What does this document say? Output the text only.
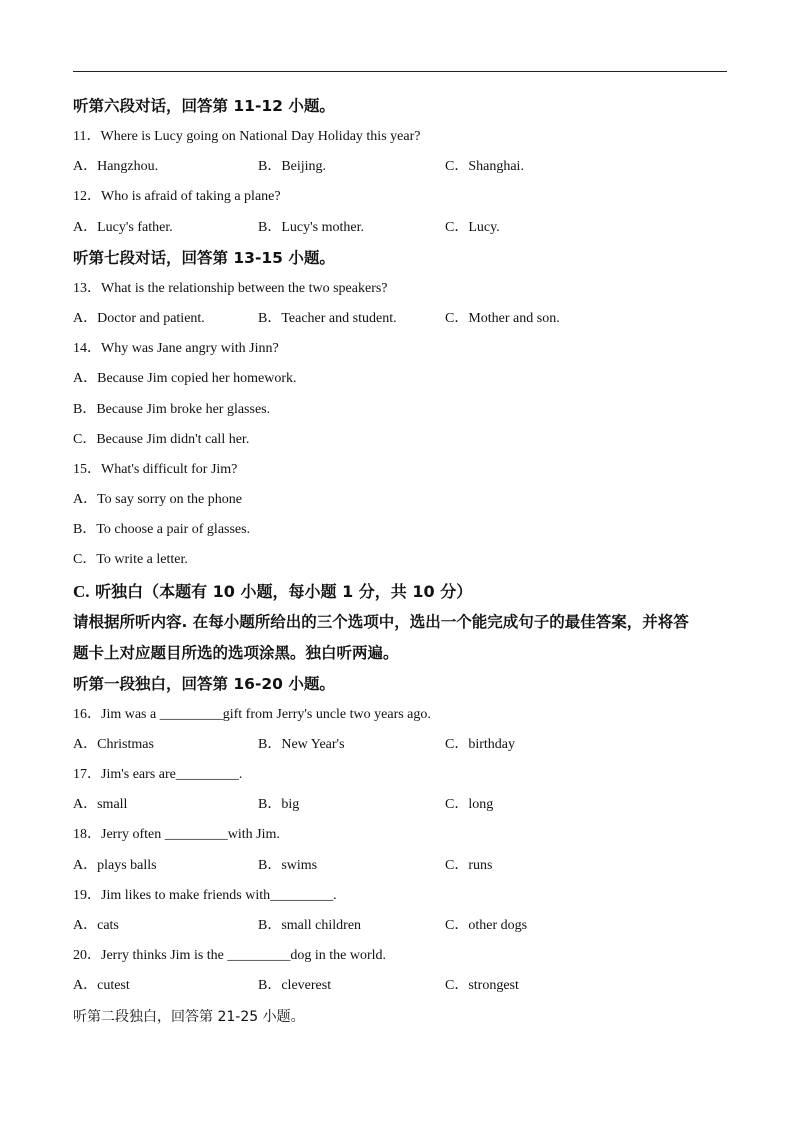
听第六段对话，回答第 11-12 小题。
11．Where is Lucy going on National Day Holiday this year?
A．Hangzhou.	B．Beijing.	C．Shanghai.
12．Who is afraid of taking a plane?
A．Lucy's father.	B．Lucy's mother.	C．Lucy.
听第七段对话，回答第 13-15 小题。
13．What is the relationship between the two speakers?
A．Doctor and patient.	B．Teacher and student.	C．Mother and son.
14．Why was Jane angry with Jinn?
A．Because Jim copied her homework.
B．Because Jim broke her glasses.
C．Because Jim didn't call her.
15．What's difficult for Jim?
A．To say sorry on the phone
B．To choose a pair of glasses.
C．To write a letter.
C. 听独白（本题有 10 小题，每小题 1 分，共 10 分）
请根据所听内容. 在每小题所给出的三个选项中，选出一个能完成句子的最佳答案，并将答
题卡上对应题目所选的选项涂黑。独白听两遍。
听第一段独白，回答第 16-20 小题。
16．Jim was a _________gift from Jerry's uncle two years ago.
A．Christmas	B．New Year's	C．birthday
17．Jim's ears are_________.
A．small	B．big	C．long
18．Jerry often _________with Jim.
A．plays balls	B．swims	C．runs
19．Jim likes to make friends with_________.
A．cats	B．small children	C．other dogs
20．Jerry thinks Jim is the _________dog in the world.
A．cutest	B．cleverest	C．strongest
听第二段独白，回答第 21-25 小题。
